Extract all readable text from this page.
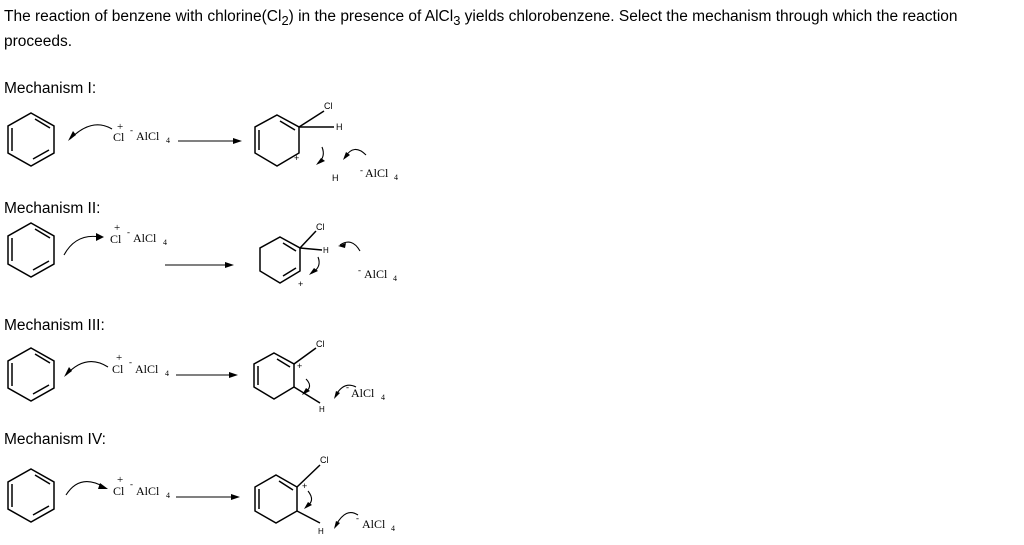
The reaction of benzene with $chlorine(Cl_2)$ in the presence of AlCl$_3$ yields chlorobenzene. Select the mechanism through which the reaction proceeds.
Mechanism I:
+
Cl - AlCl 4
+
Cl
H
H
- AlCl 4
Mechanism II:
+
Cl - AlCl 4
+
Cl
H
- AlCl 4
Mechanism III:
+
Cl - AlCl 4
+
Cl
H
- AlCl 4
Mechanism IV:
+
Cl - AlCl 4
+
Cl
H
- AlCl 4
